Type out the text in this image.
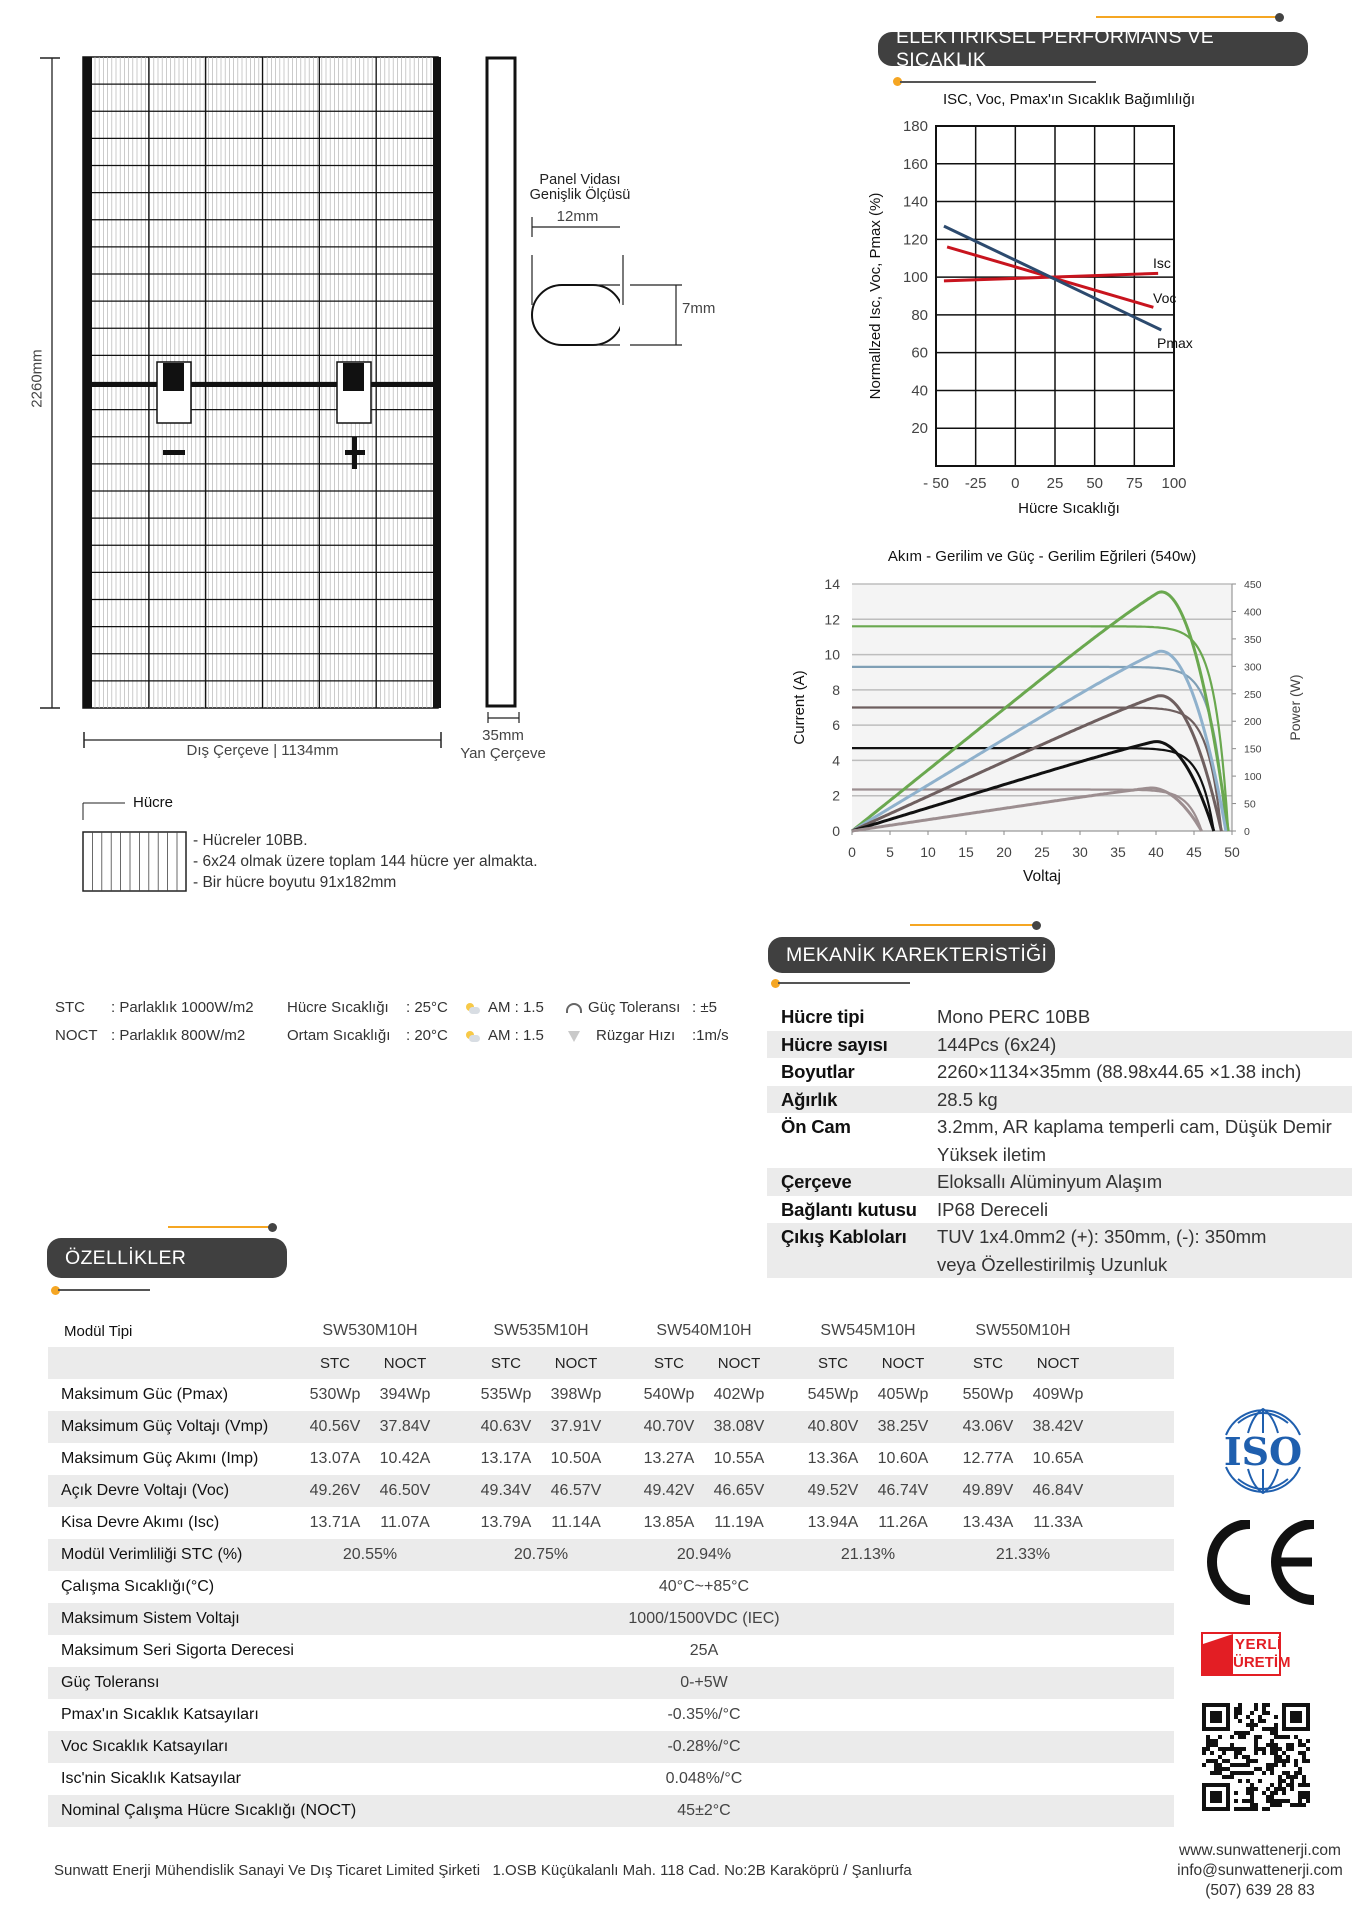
2260mm
Dış Çerçeve | 1134mm
35mm
Yan Çerçeve
Panel Vidası
Genişlik Ölçüsü
12mm
7mm
Hücre
- Hücreler 10BB.
- 6x24 olmak üzere toplam 144 hücre yer almakta.
- Bir hücre boyutu 91x182mm
ELEKTİRİKSEL PERFORMANS VE SICAKLIK
ISC, Voc, Pmax'ın Sıcaklık Bağımlılığı
- 50 -25 0 25 50 75 100
20
40
60
80
100
120
140
160
180
Hücre Sıcaklığı
Normallzed Isc, Voc, Pmax (%)	Isc
Voc
Pmax
Akım - Gerilim ve Güç - Gerilim Eğrileri (540w)
0
2
4
6
8
10
12
14
0
50
100
150
200
250
300
350
400
450
0 5 10 15 20 25 30 35 40 45 50
Voltaj
Current (A)	Power (W)
STC : Parlaklık 1000W/m2 Hücre Sıcaklığı : 25°C	AM : 1.5	Güç Toleransı : ±5
NOCT : Parlaklık 800W/m2	Ortam Sıcaklığı : 20°C	AM : 1.5	Rüzgar Hızı :1m/s
MEKANİK KAREKTERİSTİĞİ
Hücre tipi	Mono PERC 10BB
Hücre sayısı	144Pcs (6x24)
Boyutlar	2260×1134×35mm (88.98x44.65 ×1.38 inch)
Ağırlık	28.5 kg
Ön Cam	3.2mm, AR kaplama temperli cam, Düşük Demir
Yüksek iletim
Çerçeve	Eloksallı Alüminyum Alaşım
Bağlantı kutusu	IP68 Dereceli
Çıkış Kabloları	TUV 1x4.0mm2 (+): 350mm, (-): 350mm
veya Özellestirilmiş Uzunluk
ÖZELLİKLER
Modül Tipi	SW530M10H	SW535M10H	SW540M10H	SW545M10H	SW550M10H
STC	NOCT	STC	NOCT	STC	NOCT	STC	NOCT	STC	NOCT
Maksimum Güc (Pmax)	530Wp	394Wp	535Wp	398Wp	540Wp	402Wp	545Wp	405Wp	550Wp	409Wp
Maksimum Güç Voltajı (Vmp)	40.56V	37.84V	40.63V	37.91V	40.70V	38.08V	40.80V	38.25V	43.06V	38.42V
Maksimum Güç Akımı (Imp)	13.07A	10.42A	13.17A	10.50A	13.27A	10.55A	13.36A	10.60A	12.77A	10.65A
Açık Devre Voltajı (Voc)	49.26V	46.50V	49.34V	46.57V	49.42V	46.65V	49.52V	46.74V	49.89V	46.84V
Kisa Devre Akımı (Isc)	13.71A	11.07A	13.79A	11.14A	13.85A	11.19A	13.94A	11.26A	13.43A	11.33A
Modül Verimliliği STC (%)	20.55%	20.75%	20.94%	21.13%	21.33%
Çalışma Sıcaklığı(°C)	40°C~+85°C
Maksimum Sistem Voltajı	1000/1500VDC (IEC)
Maksimum Seri Sigorta Derecesi	25A
Güç Toleransı	0-+5W
Pmax'ın Sıcaklık Katsayıları	-0.35%/°C
Voc Sıcaklık Katsayıları	-0.28%/°C
Isc'nin Sicaklık Katsayılar	0.048%/°C
Nominal Çalışma Hücre Sıcaklığı (NOCT)	45±2°C
ISO
CE
YERLİ
ÜRETİM
Sunwatt Enerji Mühendislik Sanayi Ve Dış Ticaret Limited Şirketi 1.OSB Küçükalanlı Mah. 118 Cad. No:2B Karaköprü / Şanlıurfa
www.sunwattenerji.com
info@sunwattenerji.com
(507) 639 28 83
